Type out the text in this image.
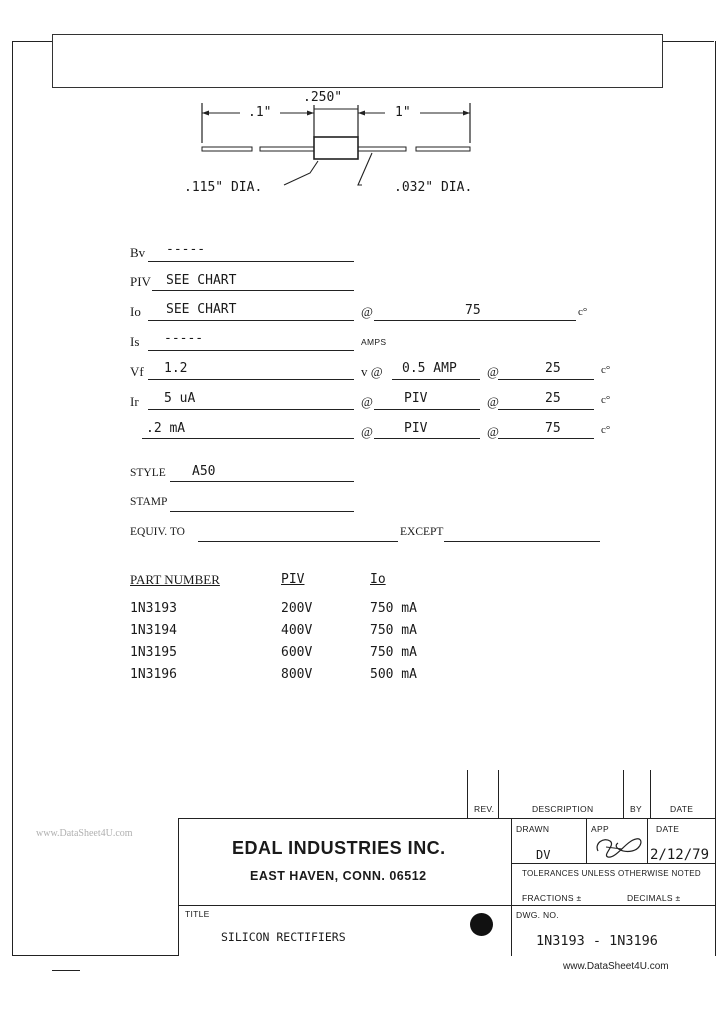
.1"
.250"
1"
.115" DIA.	.032" DIA.
Bv -----
PIV SEE CHART
Io SEE CHART	@	75	c°
Is -----	AMPS
Vf 1.2	v @ 0.5 AMP @	25	c°
Ir 5 uA	@ PIV	@	25	c°
.2 mA	@ PIV	@	75	c°
STYLE A50
STAMP
EQUIV. TO	EXCEPT
PART NUMBER	PIV	Io
1N3193	200V	750 mA
1N3194	400V	750 mA
1N3195	600V	750 mA
1N3196	800V	500 mA
REV.	DESCRIPTION	BY	DATE
EDAL INDUSTRIES INC.
EAST HAVEN, CONN. 06512
TITLE
SILICON RECTIFIERS
DRAWN
DV
APP	DATE
2/12/79
TOLERANCES UNLESS OTHERWISE NOTED
FRACTIONS ±	DECIMALS ±
DWG. NO.
1N3193 - 1N3196
www.DataSheet4U.com
www.DataSheet4U.com
